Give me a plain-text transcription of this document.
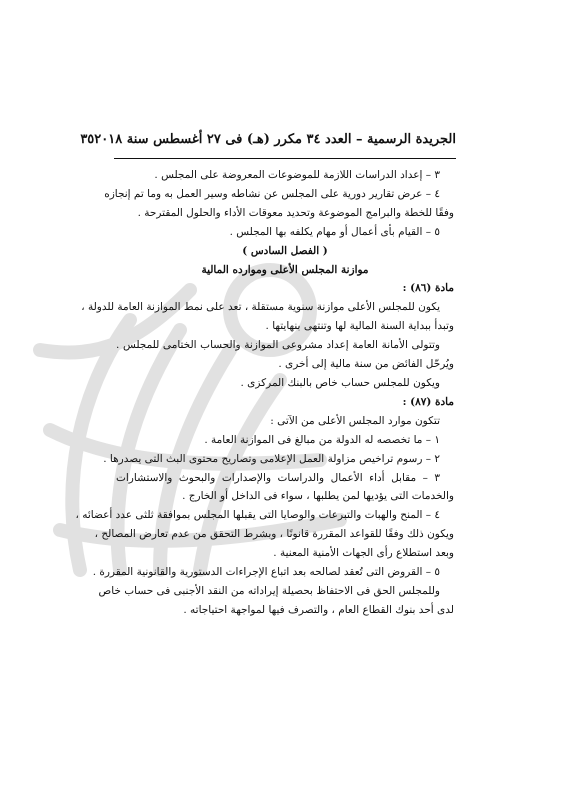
الجريدة الرسمية – العدد ٣٤ مكرر (هـ) فى ٢٧ أغسطس سنة ٢٠١٨
٣٥
٣ – إعداد الدراسات اللازمة للموضوعات المعروضة على المجلس .
٤ – عرض تقارير دورية على المجلس عن نشاطه وسير العمل به وما تم إنجازه
وفقًا للخطة والبرامج الموضوعة وتحديد معوقات الأداء والحلول المقترحة .
٥ – القيام بأى أعمال أو مهام يكلفه بها المجلس .
( الفصل السادس )
موازنة المجلس الأعلى وموارده المالية
مادة (٨٦) :
يكون للمجلس الأعلى موازنة سنوية مستقلة ، تعد على نمط الموازنة العامة للدولة ،
وتبدأ ببداية السنة المالية لها وتنتهى بنهايتها .
وتتولى الأمانة العامة إعداد مشروعى الموازنة والحساب الختامى للمجلس .
ويُرحّل الفائض من سنة مالية إلى أخرى .
ويكون للمجلس حساب خاص بالبنك المركزى .
مادة (٨٧) :
تتكون موارد المجلس الأعلى من الآتى :
١ – ما تخصصه له الدولة من مبالغ فى الموازنة العامة .
٢ – رسوم تراخيص مزاولة العمل الإعلامى وتصاريح محتوى البث التى يصدرها .
٣ – مقابل أداء الأعمال والدراسات والإصدارات والبحوث والاستشارات
والخدمات التى يؤديها لمن يطلبها ، سواء فى الداخل أو الخارج .
٤ – المنح والهبات والتبرعات والوصايا التى يقبلها المجلس بموافقة ثلثى عدد أعضائه ،
ويكون ذلك وفقًا للقواعد المقررة قانونًا ، وبشرط التحقق من عدم تعارض المصالح ،
وبعد استطلاع رأى الجهات الأمنية المعنية .
٥ – القروض التى تُعقد لصالحه بعد اتباع الإجراءات الدستورية والقانونية المقررة .
وللمجلس الحق فى الاحتفاظ بحصيلة إيراداته من النقد الأجنبى فى حساب خاص
لدى أحد بنوك القطاع العام ، والتصرف فيها لمواجهة احتياجاته .
